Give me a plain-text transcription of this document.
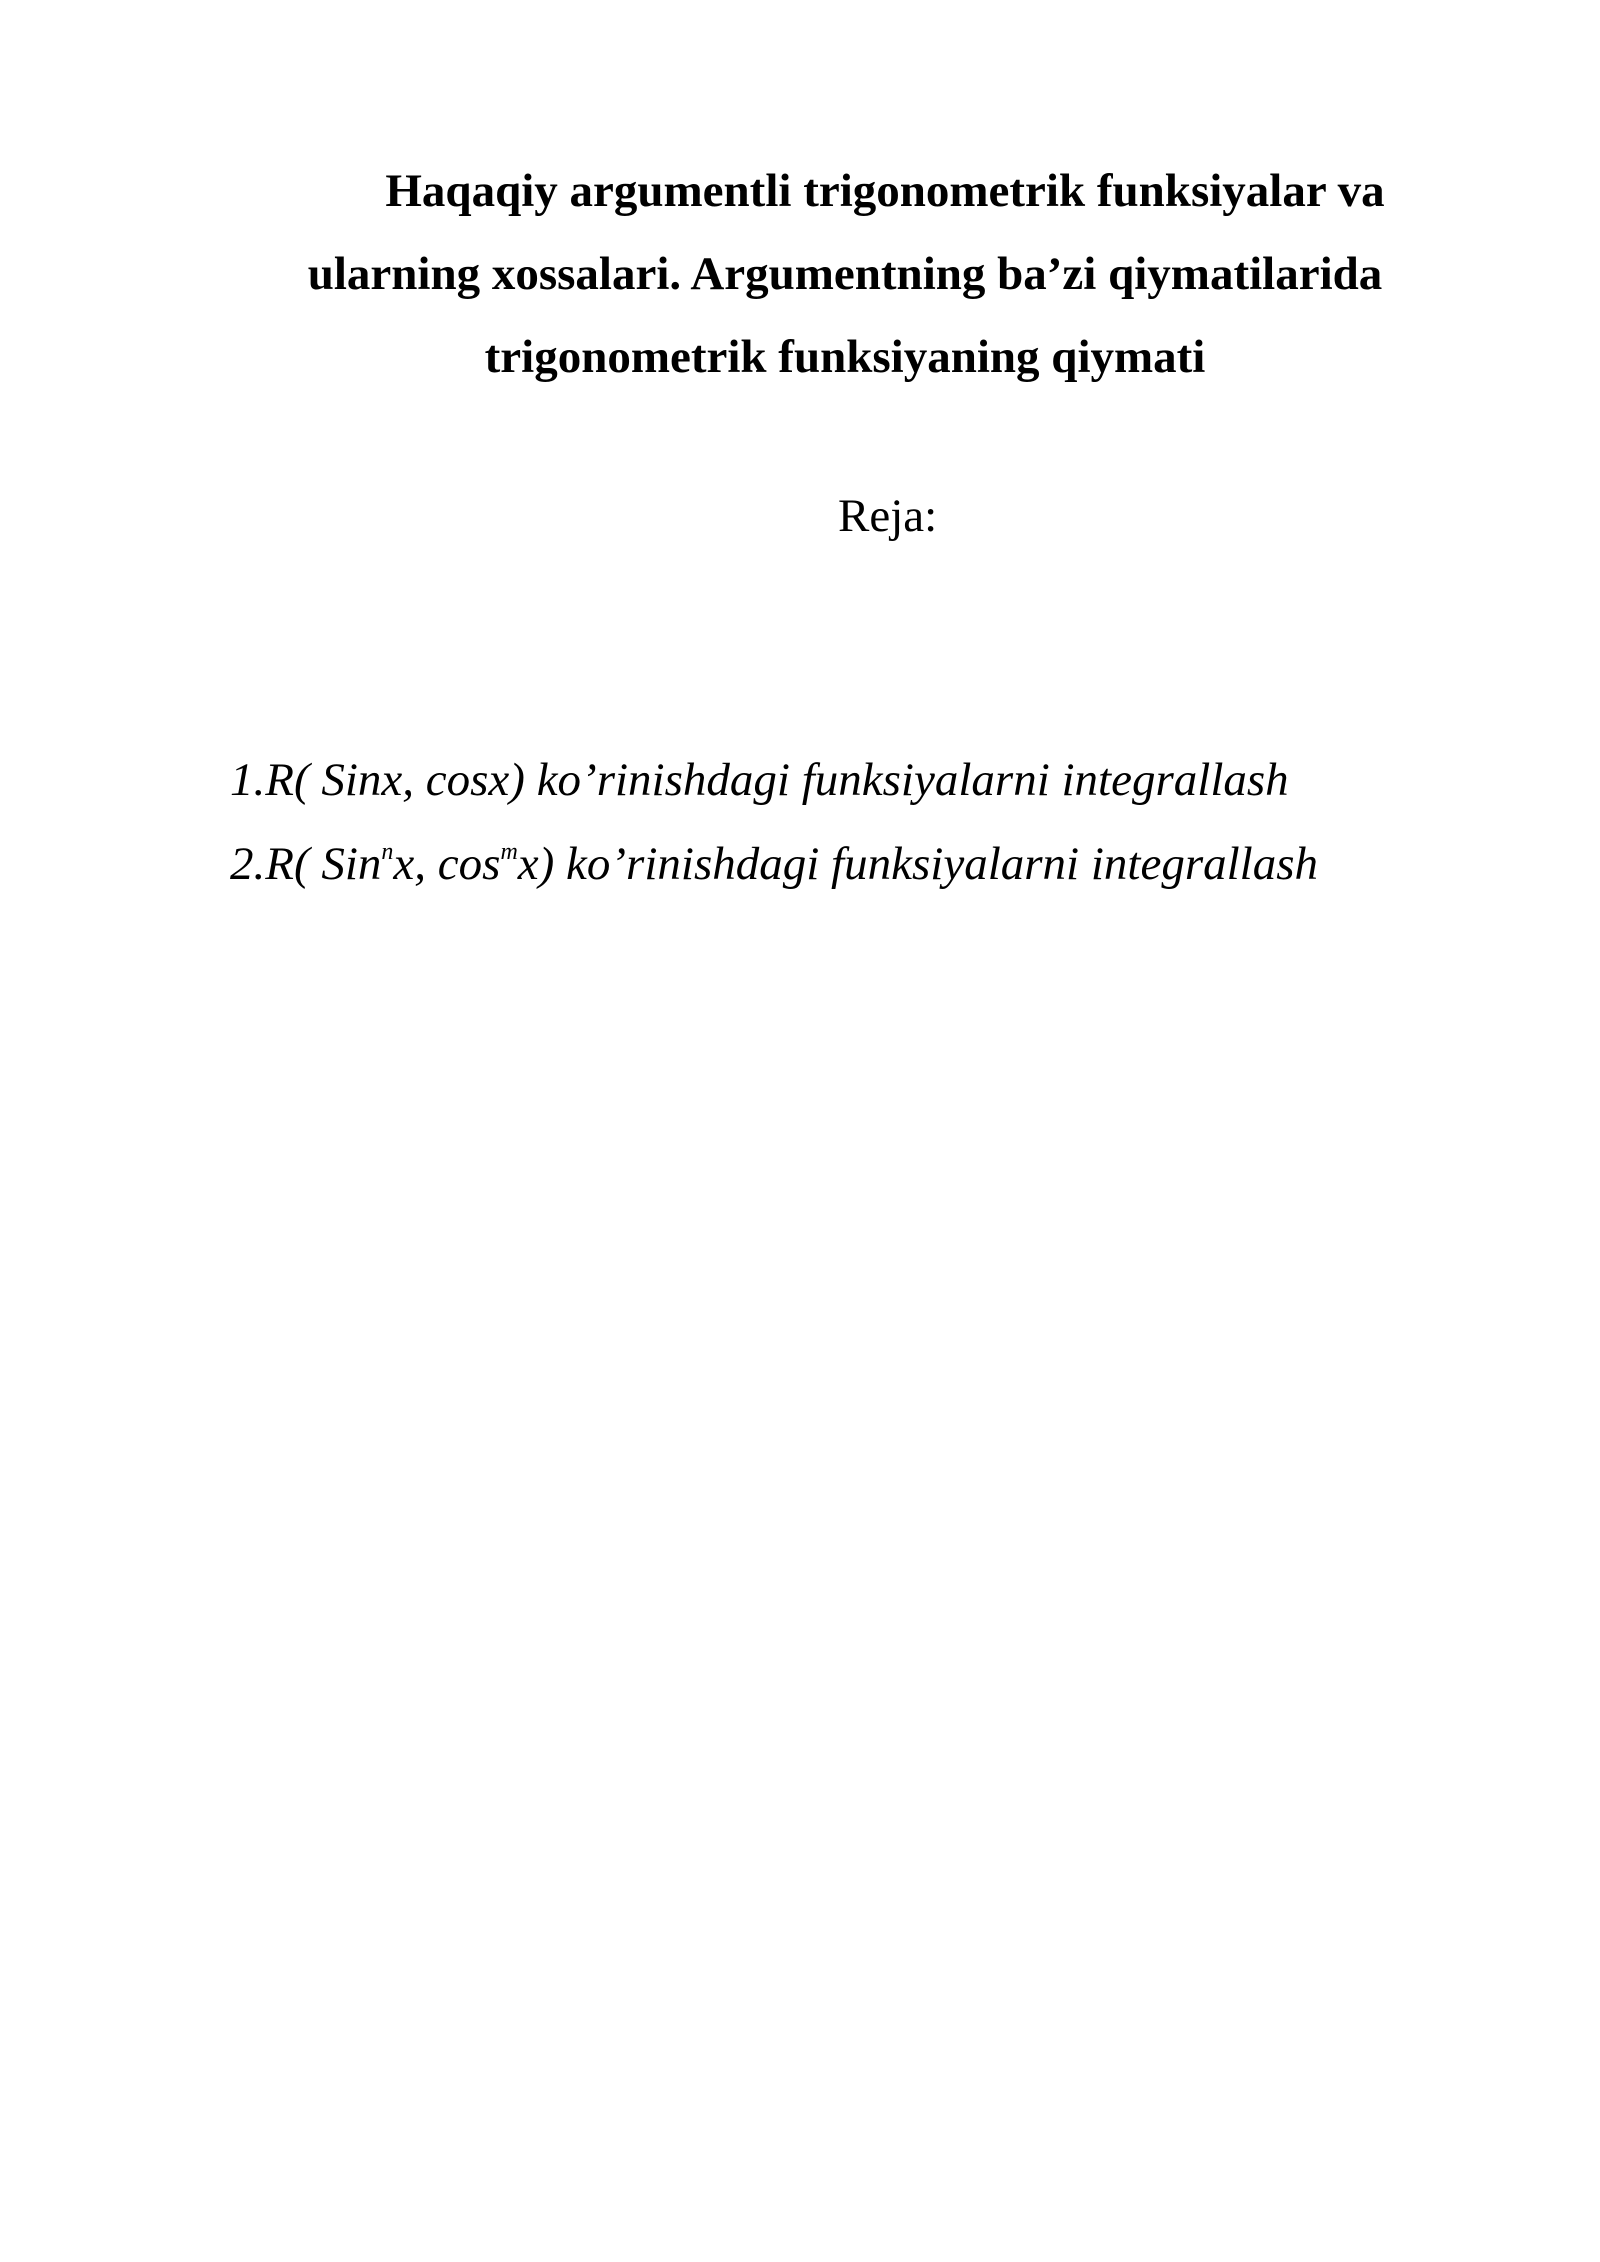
Haqaqiy argumentli trigonometrik funksiyalar va
ularning xossalari. Argumentning ba’zi qiymatilarida
trigonometrik funksiyaning qiymati
Reja:
1.R( Sinx, cosx) ko’rinishdagi funksiyalarni integrallash
2.R( Sin$^n$x, $\cos^mx$) ko’rinishdagi funksiyalarni integrallash
